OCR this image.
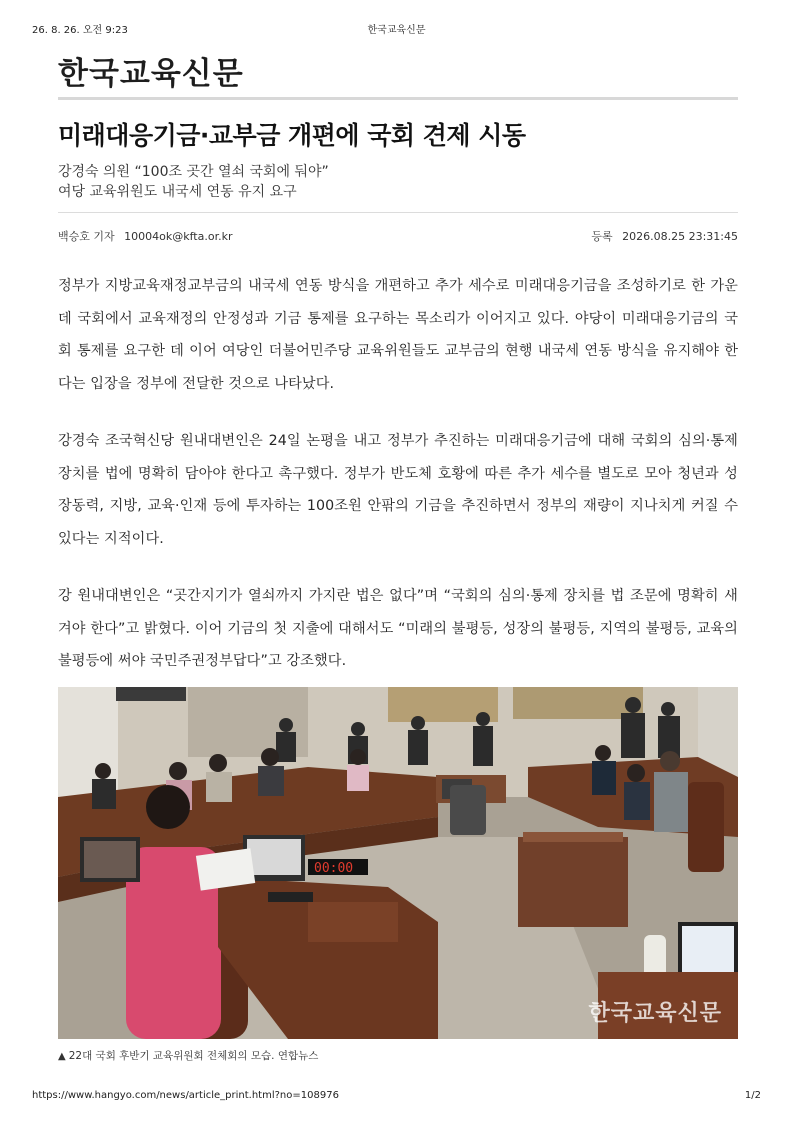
26. 8. 26. 오전 9:23	한국교육신문
한국교육신문
미래대응기금·교부금 개편에 국회 견제 시동
강경숙 의원 “100조 곳간 열쇠 국회에 둬야”
여당 교육위원도 내국세 연동 유지 요구
백승호 기자 10004ok@kfta.or.kr	등록 2026.08.25 23:31:45

정부가 지방교육재정교부금의 내국세 연동 방식을 개편하고 추가 세수로 미래대응기금을 조성하기로 한 가운데 국회에서 교육재정의 안정성과 기금 통제를 요구하는 목소리가 이어지고 있다. 야당이 미래대응기금의 국회 통제를 요구한 데 이어 여당인 더불어민주당 교육위원들도 교부금의 현행 내국세 연동 방식을 유지해야 한다는 입장을 정부에 전달한 것으로 나타났다.

강경숙 조국혁신당 원내대변인은 24일 논평을 내고 정부가 추진하는 미래대응기금에 대해 국회의 심의·통제 장치를 법에 명확히 담아야 한다고 촉구했다. 정부가 반도체 호황에 따른 추가 세수를 별도로 모아 청년과 성장동력, 지방, 교육·인재 등에 투자하는 100조원 안팎의 기금을 추진하면서 정부의 재량이 지나치게 커질 수 있다는 지적이다.

강 원내대변인은 “곳간지기가 열쇠까지 가지란 법은 없다”며 “국회의 심의·통제 장치를 법 조문에 명확히 새겨야 한다”고 밝혔다. 이어 기금의 첫 지출에 대해서도 “미래의 불평등, 성장의 불평등, 지역의 불평등, 교육의 불평등에 써야 국민주권정부답다”고 강조했다.

00:00
한국교육신문
▲ 22대 국회 후반기 교육위원회 전체회의 모습. 연합뉴스
https://www.hangyo.com/news/article_print.html?no=108976	1/2
